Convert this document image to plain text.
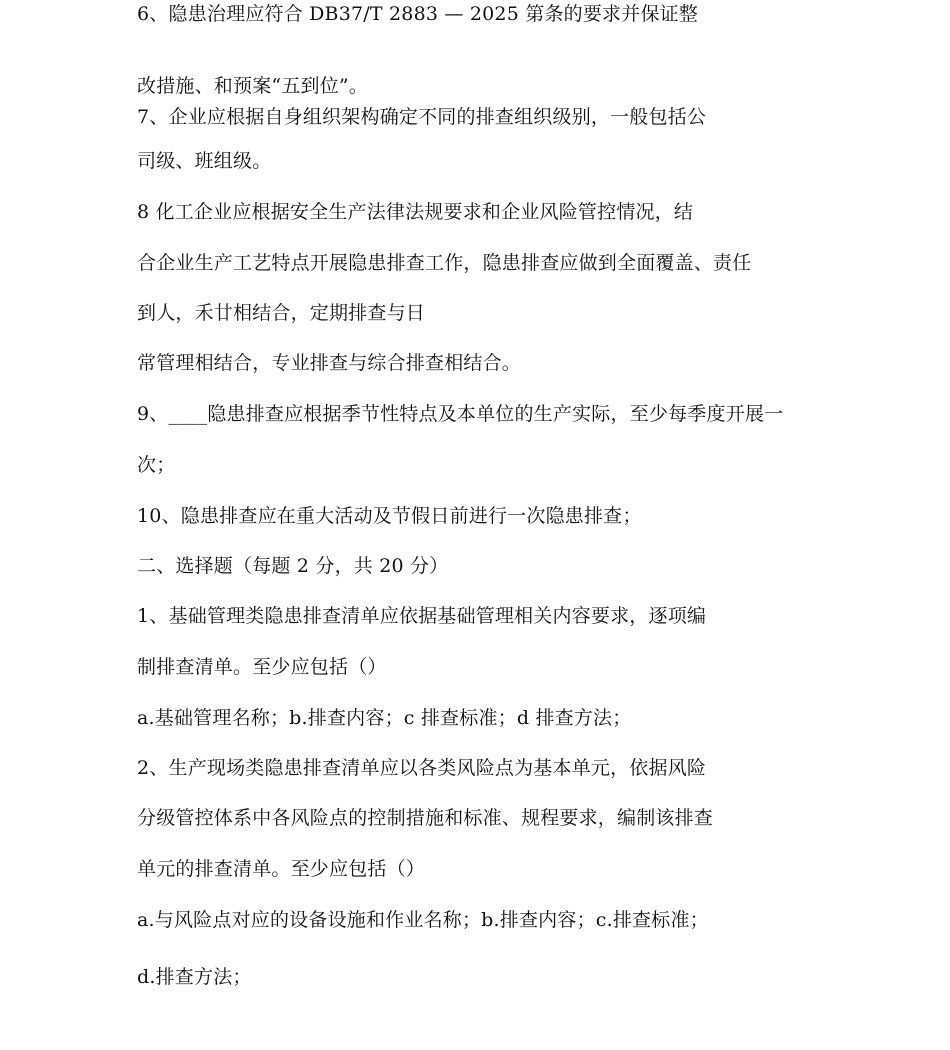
6、隐患治理应符合 DB37/T 2883 — 2025 第条的要求并保证整
改措施、和预案“五到位”。
7、企业应根据自身组织架构确定不同的排查组织级别，一般包括公
司级、班组级。
8 化工企业应根据安全生产法律法规要求和企业风险管控情况，结
合企业生产工艺特点开展隐患排查工作，隐患排查应做到全面覆盖、责任
到人，禾廿相结合，定期排查与日
常管理相结合，专业排查与综合排查相结合。
9、____隐患排查应根据季节性特点及本单位的生产实际，至少每季度开展一
次；
10、隐患排查应在重大活动及节假日前进行一次隐患排查；
二、选择题（每题 2 分，共 20 分）
1、基础管理类隐患排查清单应依据基础管理相关内容要求，逐项编
制排查清单。至少应包括（）
a.基础管理名称；b.排查内容；c 排查标准；d 排查方法；
2、生产现场类隐患排查清单应以各类风险点为基本单元，依据风险
分级管控体系中各风险点的控制措施和标准、规程要求，编制该排查
单元的排查清单。至少应包括（）
a.与风险点对应的设备设施和作业名称；b.排查内容；c.排查标准；
d.排查方法；
